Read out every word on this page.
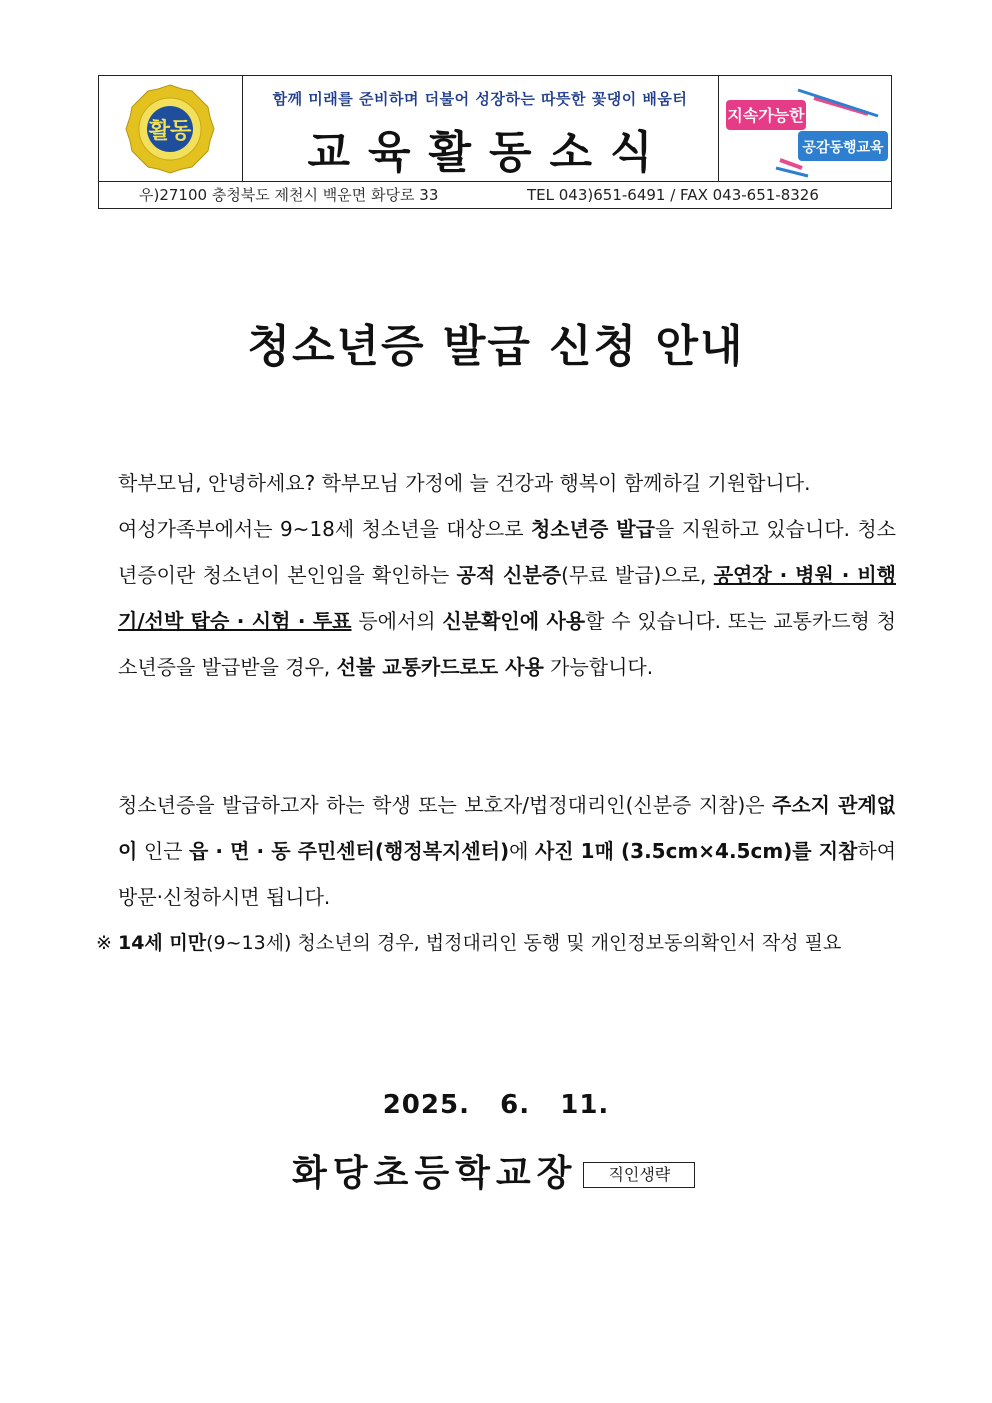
활동
함께 미래를 준비하며 더불어 성장하는 따뜻한 꽃댕이 배움터
교육활동소식
지속가능한
공감동행교육
우)27100 충청북도 제천시 백운면 화당로 33	TEL 043)651-6491 / FAX 043-651-8326
청소년증 발급 신청 안내
학부모님, 안녕하세요? 학부모님 가정에 늘 건강과 행복이 함께하길 기원합니다.
여성가족부에서는 9~18세 청소년을 대상으로 청소년증 발급을 지원하고 있습니다. 청소년증이란 청소년이 본인임을 확인하는 공적 신분증(무료 발급)으로, 공연장 · 병원 · 비행기/선박 탑승 · 시험 · 투표 등에서의 신분확인에 사용할 수 있습니다. 또는 교통카드형 청소년증을 발급받을 경우, 선불 교통카드로도 사용 가능합니다.
청소년증을 발급하고자 하는 학생 또는 보호자/법정대리인(신분증 지참)은 주소지 관계없이 인근 읍 · 면 · 동 주민센터(행정복지센터)에 사진 1매 (3.5cm×4.5cm)를 지참하여 방문·신청하시면 됩니다.
※ 14세 미만(9~13세) 청소년의 경우, 법정대리인 동행 및 개인정보동의확인서 작성 필요
2025.   6.   11.
화당초등학교장	직인생략
